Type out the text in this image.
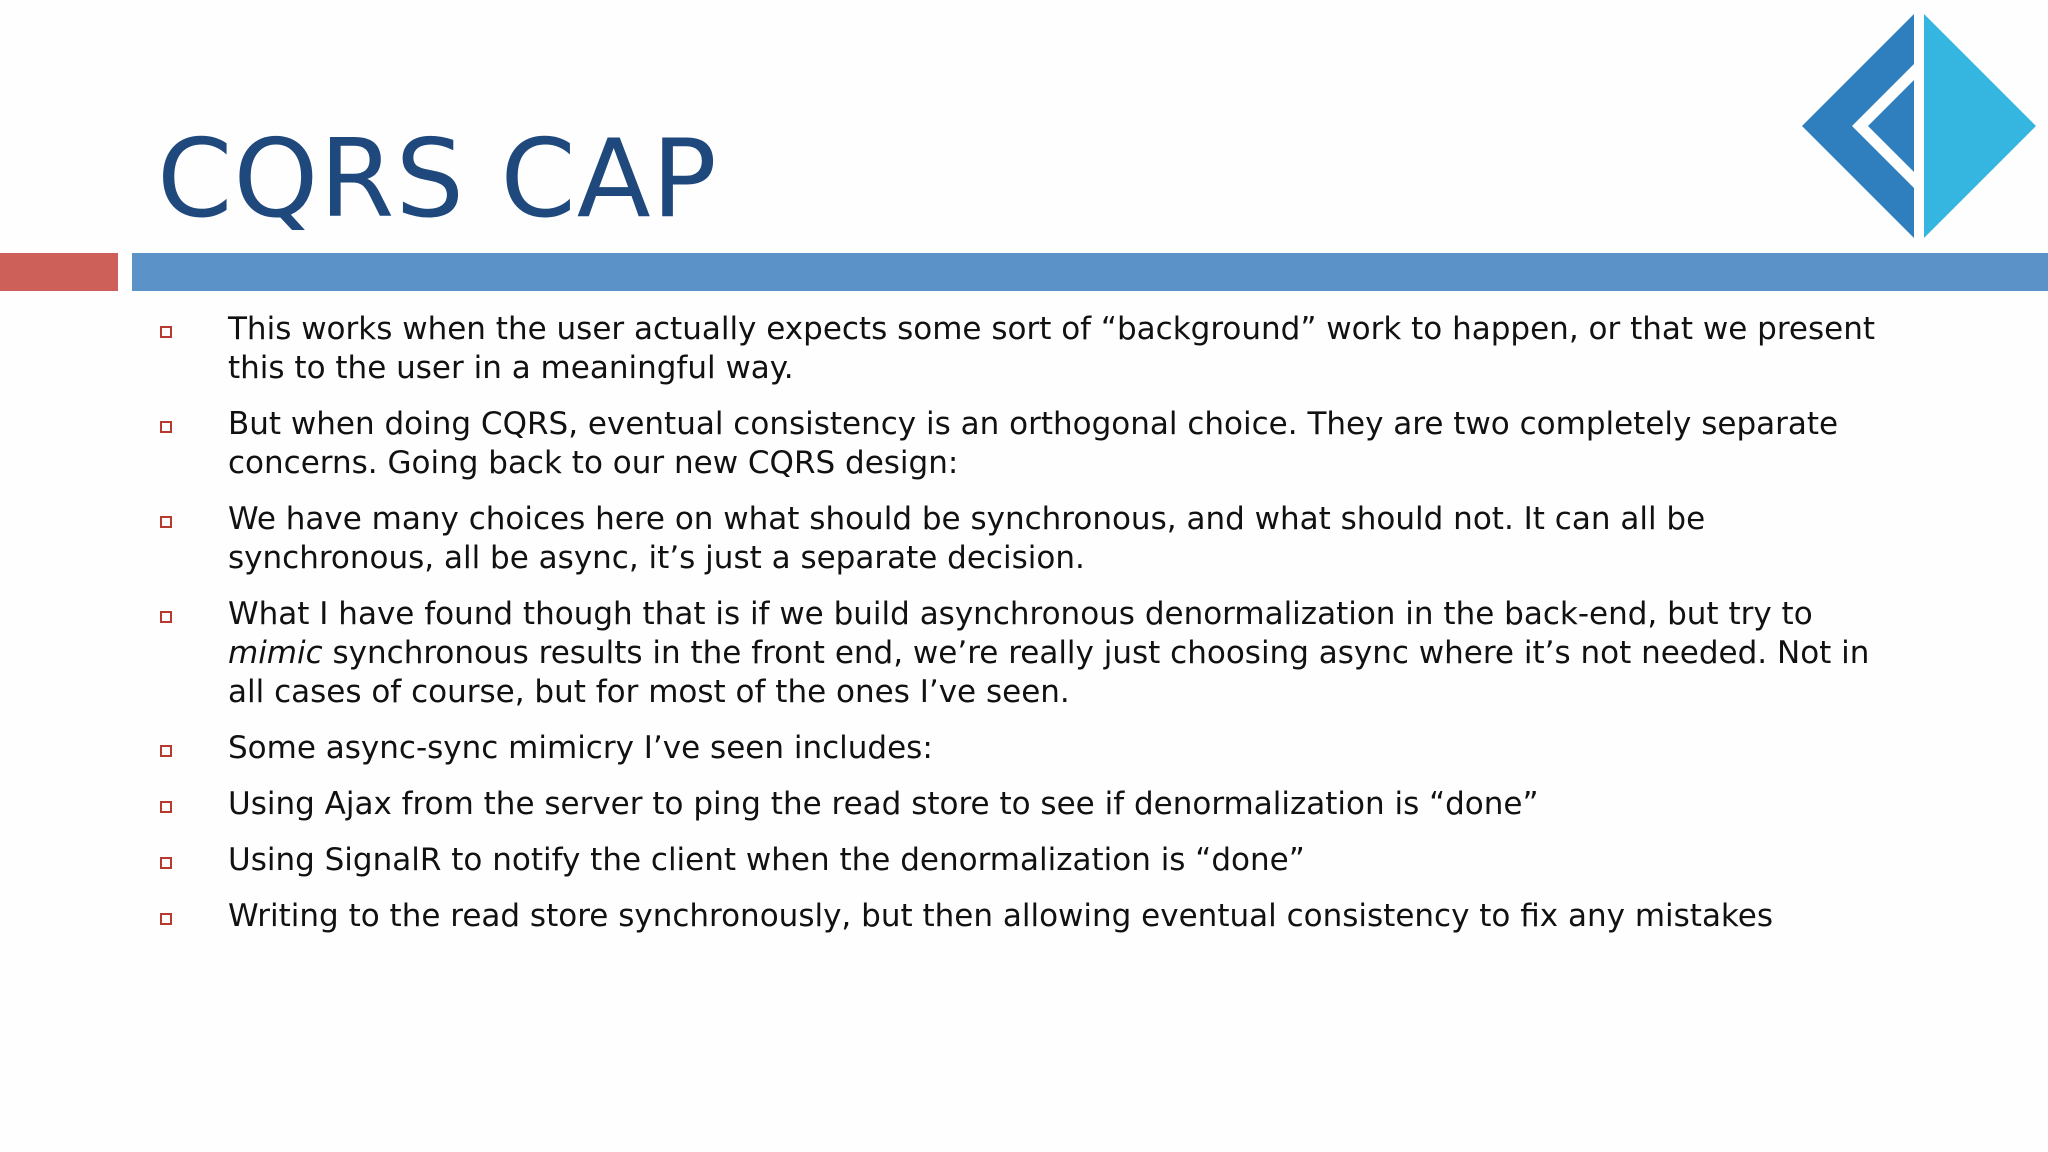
CQRS CAP
This works when the user actually expects some sort of “background” work to happen, or that we present this to the user in a meaningful way.
But when doing CQRS, eventual consistency is an orthogonal choice. They are two completely separate concerns. Going back to our new CQRS design:
We have many choices here on what should be synchronous, and what should not. It can all be synchronous, all be async, it’s just a separate decision.
What I have found though that is if we build asynchronous denormalization in the back-end, but try to mimic synchronous results in the front end, we’re really just choosing async where it’s not needed. Not in all cases of course, but for most of the ones I’ve seen.
Some async-sync mimicry I’ve seen includes:
Using Ajax from the server to ping the read store to see if denormalization is “done”
Using SignalR to notify the client when the denormalization is “done”
Writing to the read store synchronously, but then allowing eventual consistency to fix any mistakes
